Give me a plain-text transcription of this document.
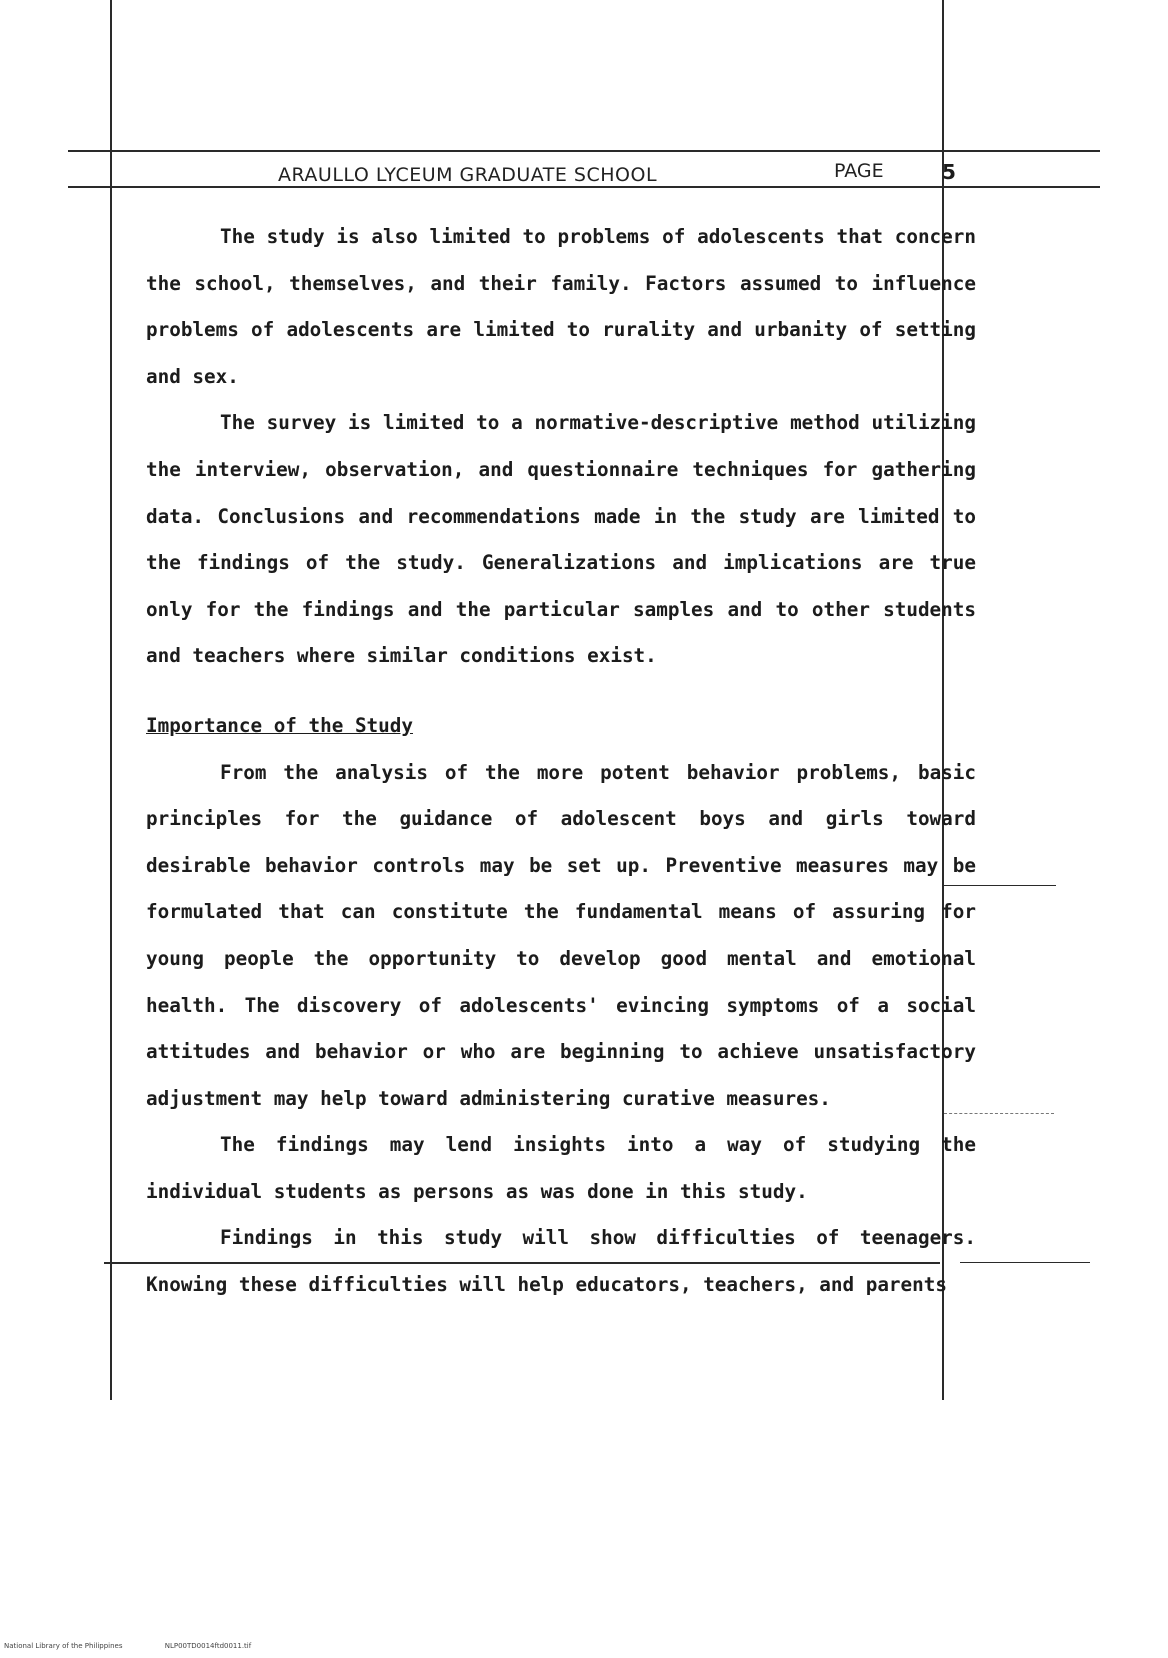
ARAULLO LYCEUM GRADUATE SCHOOL	PAGE	5

The study is also limited to problems of adolescents that concern the school, themselves, and their family. Factors assumed to influence problems of adolescents are limited to rurality and urbanity of setting and sex.

The survey is limited to a normative-descriptive method utilizing the interview, observation, and questionnaire techniques for gathering data. Conclusions and recommendations made in the study are limited to the findings of the study. Generalizations and implications are true only for the findings and the particular samples and to other students and teachers where similar conditions exist.

Importance of the Study

From the analysis of the more potent behavior problems, basic principles for the guidance of adolescent boys and girls toward desirable behavior controls may be set up. Preventive measures may be formulated that can constitute the fundamental means of assuring for young people the opportunity to develop good mental and emotional health. The discovery of adolescents' evincing symptoms of a social attitudes and behavior or who are beginning to achieve unsatisfactory adjustment may help toward administering curative measures.

The findings may lend insights into a way of studying the individual students as persons as was done in this study.

Findings in this study will show difficulties of teenagers. Knowing these difficulties will help educators, teachers, and parents

National Library of the Philippines	NLP00TD0014ftd0011.tif
